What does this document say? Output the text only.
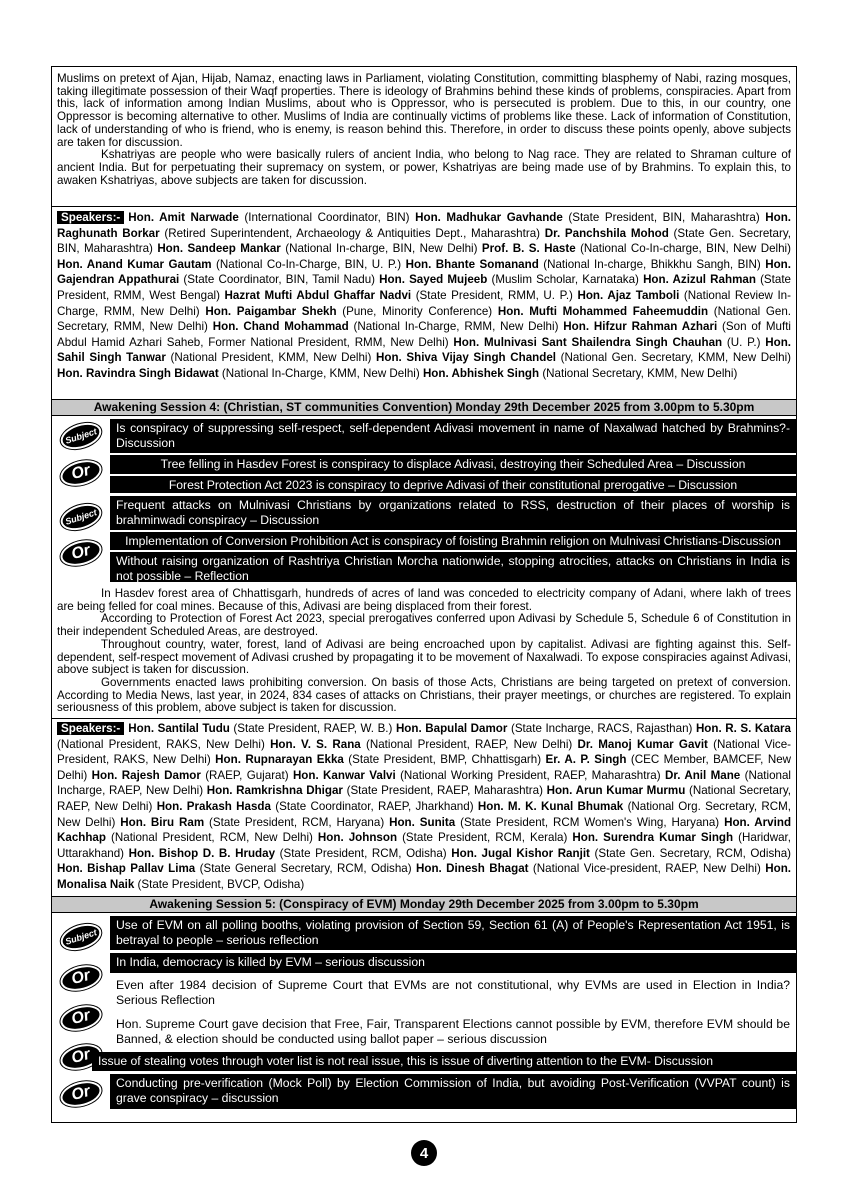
Muslims on pretext of Ajan, Hijab, Namaz, enacting laws in Parliament, violating Constitution, committing blasphemy of Nabi, razing mosques, taking illegitimate possession of their Waqf properties. There is ideology of Brahmins behind these kinds of problems, conspiracies. Apart from this, lack of information among Indian Muslims, about who is Oppressor, who is persecuted is problem. Due to this, in our country, one Oppressor is becoming alternative to other. Muslims of India are continually victims of problems like these. Lack of information of Constitution, lack of understanding of who is friend, who is enemy, is reason behind this. Therefore, in order to discuss these points openly, above subjects are taken for discussion.

Kshatriyas are people who were basically rulers of ancient India, who belong to Nag race. They are related to Shraman culture of ancient India. But for perpetuating their supremacy on system, or power, Kshatriyas are being made use of by Brahmins. To explain this, to awaken Kshatriyas, above subjects are taken for discussion.

Speakers:- Hon. Amit Narwade (International Coordinator, BIN) Hon. Madhukar Gavhande (State President, BIN, Maharashtra) Hon. Raghunath Borkar (Retired Superintendent, Archaeology & Antiquities Dept., Maharashtra) Dr. Panchshila Mohod (State Gen. Secretary, BIN, Maharashtra) Hon. Sandeep Mankar (National In-charge, BIN, New Delhi) Prof. B. S. Haste (National Co-In-charge, BIN, New Delhi) Hon. Anand Kumar Gautam (National Co-In-Charge, BIN, U. P.) Hon. Bhante Somanand (National In-charge, Bhikkhu Sangh, BIN) Hon. Gajendran Appathurai (State Coordinator, BIN, Tamil Nadu) Hon. Sayed Mujeeb (Muslim Scholar, Karnataka) Hon. Azizul Rahman (State President, RMM, West Bengal) Hazrat Mufti Abdul Ghaffar Nadvi (State President, RMM, U. P.) Hon. Ajaz Tamboli (National Review In-Charge, RMM, New Delhi) Hon. Paigambar Shekh (Pune, Minority Conference) Hon. Mufti Mohammed Faheemuddin (National Gen. Secretary, RMM, New Delhi) Hon. Chand Mohammad (National In-Charge, RMM, New Delhi) Hon. Hifzur Rahman Azhari (Son of Mufti Abdul Hamid Azhari Saheb, Former National President, RMM, New Delhi) Hon. Mulnivasi Sant Shailendra Singh Chauhan (U. P.) Hon. Sahil Singh Tanwar (National President, KMM, New Delhi) Hon. Shiva Vijay Singh Chandel (National Gen. Secretary, KMM, New Delhi) Hon. Ravindra Singh Bidawat (National In-Charge, KMM, New Delhi) Hon. Abhishek Singh (National Secretary, KMM, New Delhi)
Awakening Session 4: (Christian, ST communities Convention) Monday 29th December 2025 from 3.00pm to 5.30pm
Subject	Is conspiracy of suppressing self-respect, self-dependent Adivasi movement in name of Naxalwad hatched by Brahmins?- Discussion
Or	Tree felling in Hasdev Forest is conspiracy to displace Adivasi, destroying their Scheduled Area – Discussion
Forest Protection Act 2023 is conspiracy to deprive Adivasi of their constitutional prerogative – Discussion
Subject
Frequent attacks on Mulnivasi Christians by organizations related to RSS, destruction of their places of worship is brahminwadi conspiracy – Discussion
Or
Implementation of Conversion Prohibition Act is conspiracy of foisting Brahmin religion on Mulnivasi Christians-Discussion
Without raising organization of Rashtriya Christian Morcha nationwide, stopping atrocities, attacks on Christians in India is not possible – Reflection

In Hasdev forest area of Chhattisgarh, hundreds of acres of land was conceded to electricity company of Adani, where lakh of trees are being felled for coal mines. Because of this, Adivasi are being displaced from their forest.

According to Protection of Forest Act 2023, special prerogatives conferred upon Adivasi by Schedule 5, Schedule 6 of Constitution in their independent Scheduled Areas, are destroyed.

Throughout country, water, forest, land of Adivasi are being encroached upon by capitalist. Adivasi are fighting against this. Self-dependent, self-respect movement of Adivasi crushed by propagating it to be movement of Naxalwadi. To expose conspiracies against Adivasi, above subject is taken for discussion.

Governments enacted laws prohibiting conversion. On basis of those Acts, Christians are being targeted on pretext of conversion. According to Media News, last year, in 2024, 834 cases of attacks on Christians, their prayer meetings, or churches are registered. To explain seriousness of this problem, above subject is taken for discussion.

Speakers:- Hon. Santilal Tudu (State President, RAEP, W. B.) Hon. Bapulal Damor (State Incharge, RACS, Rajasthan) Hon. R. S. Katara (National President, RAKS, New Delhi) Hon. V. S. Rana (National President, RAEP, New Delhi) Dr. Manoj Kumar Gavit (National Vice-President, RAKS, New Delhi) Hon. Rupnarayan Ekka (State President, BMP, Chhattisgarh) Er. A. P. Singh (CEC Member, BAMCEF, New Delhi) Hon. Rajesh Damor (RAEP, Gujarat) Hon. Kanwar Valvi (National Working President, RAEP, Maharashtra) Dr. Anil Mane (National Incharge, RAEP, New Delhi) Hon. Ramkrishna Dhigar (State President, RAEP, Maharashtra) Hon. Arun Kumar Murmu (National Secretary, RAEP, New Delhi) Hon. Prakash Hasda (State Coordinator, RAEP, Jharkhand) Hon. M. K. Kunal Bhumak (National Org. Secretary, RCM, New Delhi) Hon. Biru Ram (State President, RCM, Haryana) Hon. Sunita (State President, RCM Women's Wing, Haryana) Hon. Arvind Kachhap (National President, RCM, New Delhi) Hon. Johnson (State President, RCM, Kerala) Hon. Surendra Kumar Singh (Haridwar, Uttarakhand) Hon. Bishop D. B. Hruday (State President, RCM, Odisha) Hon. Jugal Kishor Ranjit (State Gen. Secretary, RCM, Odisha) Hon. Bishap Pallav Lima (State General Secretary, RCM, Odisha) Hon. Dinesh Bhagat (National Vice-president, RAEP, New Delhi) Hon. Monalisa Naik (State President, BVCP, Odisha)
Awakening Session 5: (Conspiracy of EVM) Monday 29th December 2025 from 3.00pm to 5.30pm
Subject
Use of EVM on all polling booths, violating provision of Section 59, Section 61 (A) of People's Representation Act 1951, is betrayal to people – serious reflection
Or
In India, democracy is killed by EVM – serious discussion
Or
Even after 1984 decision of Supreme Court that EVMs are not constitutional, why EVMs are used in Election in India? Serious Reflection
Or
Hon. Supreme Court gave decision that Free, Fair, Transparent Elections cannot possible by EVM, therefore EVM should be Banned, & election should be conducted using ballot paper – serious discussion
Issue of stealing votes through voter list is not real issue, this is issue of diverting attention to the EVM- Discussion
Or	Conducting pre-verification (Mock Poll) by Election Commission of India, but avoiding Post-Verification (VVPAT count) is grave conspiracy – discussion
4
